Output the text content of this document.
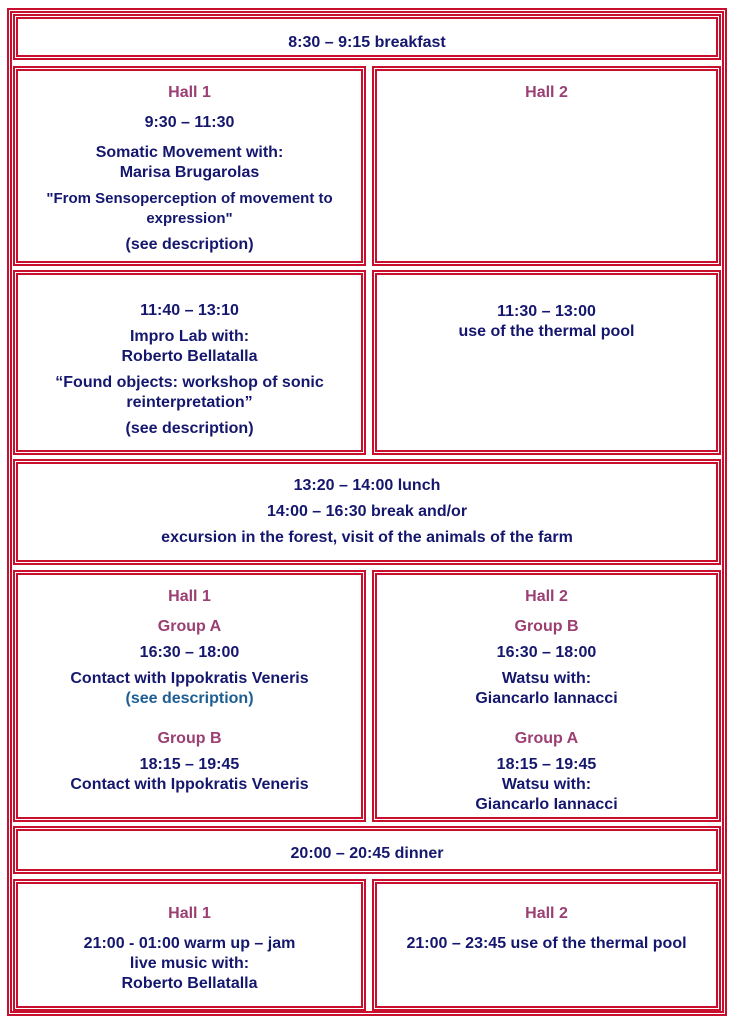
8:30 – 9:15 breakfast
Hall 1
9:30 – 11:30
Somatic Movement with:
Marisa Brugarolas
"From Sensoperception of movement to
expression"
(see description)
Hall 2
11:40 – 13:10
Impro Lab with:
Roberto Bellatalla
“Found objects: workshop of sonic
reinterpretation”
(see description)
11:30 – 13:00
use of the thermal pool
13:20 – 14:00 lunch
14:00 – 16:30 break and/or
excursion in the forest, visit of the animals of the farm
Hall 1
Group A
16:30 – 18:00
Contact with Ippokratis Veneris
(see description)
Group B
18:15 – 19:45
Contact with Ippokratis Veneris
Hall 2
Group B
16:30 – 18:00
Watsu with:
Giancarlo Iannacci
Group A
18:15 – 19:45
Watsu with:
Giancarlo Iannacci
20:00 – 20:45 dinner
Hall 1
21:00 - 01:00 warm up – jam
live music with:
Roberto Bellatalla
Hall 2
21:00 – 23:45 use of the thermal pool
